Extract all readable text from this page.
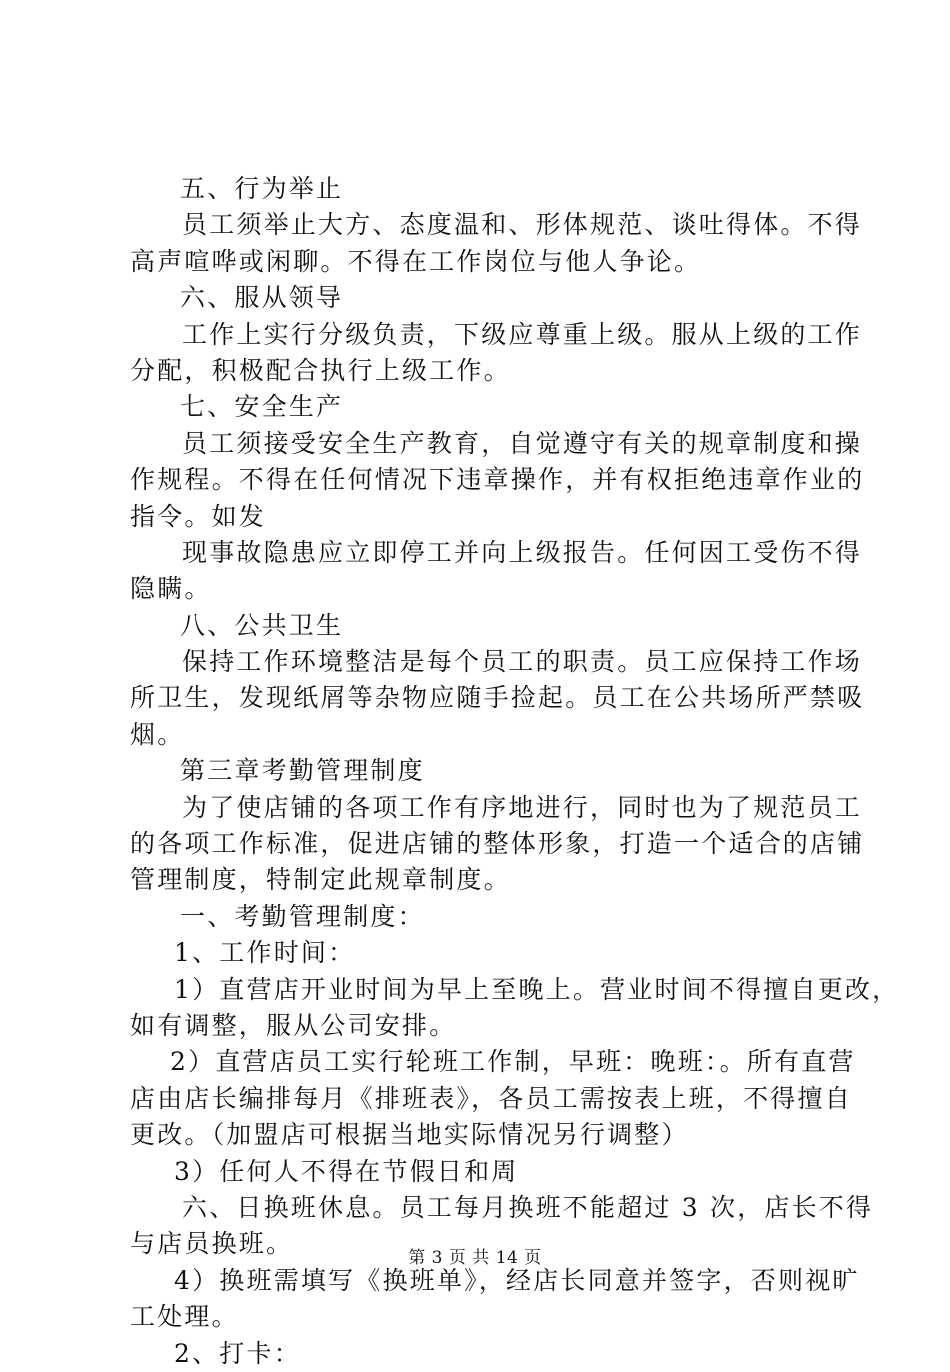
五、行为举止
员工须举止大方、态度温和、形体规范、谈吐得体。不得
高声喧哗或闲聊。不得在工作岗位与他人争论。
六、服从领导
工作上实行分级负责，下级应尊重上级。服从上级的工作
分配，积极配合执行上级工作。
七、安全生产
员工须接受安全生产教育，自觉遵守有关的规章制度和操
作规程。不得在任何情况下违章操作，并有权拒绝违章作业的
指令。如发
现事故隐患应立即停工并向上级报告。任何因工受伤不得
隐瞒。
八、公共卫生
保持工作环境整洁是每个员工的职责。员工应保持工作场
所卫生，发现纸屑等杂物应随手捡起。员工在公共场所严禁吸
烟。
第三章考勤管理制度
为了使店铺的各项工作有序地进行，同时也为了规范员工
的各项工作标准，促进店铺的整体形象，打造一个适合的店铺
管理制度，特制定此规章制度。
一、考勤管理制度：
1、工作时间：
1）直营店开业时间为早上至晚上。营业时间不得擅自更改，
如有调整，服从公司安排。
2）直营店员工实行轮班工作制，早班：晚班：。所有直营
店由店长编排每月《排班表》，各员工需按表上班，不得擅自
更改。（加盟店可根据当地实际情况另行调整）
3）任何人不得在节假日和周
六、日换班休息。员工每月换班不能超过 3 次，店长不得
与店员换班。
4）换班需填写《换班单》，经店长同意并签字，否则视旷
工处理。
2、打卡：
第 3 页 共 14 页
